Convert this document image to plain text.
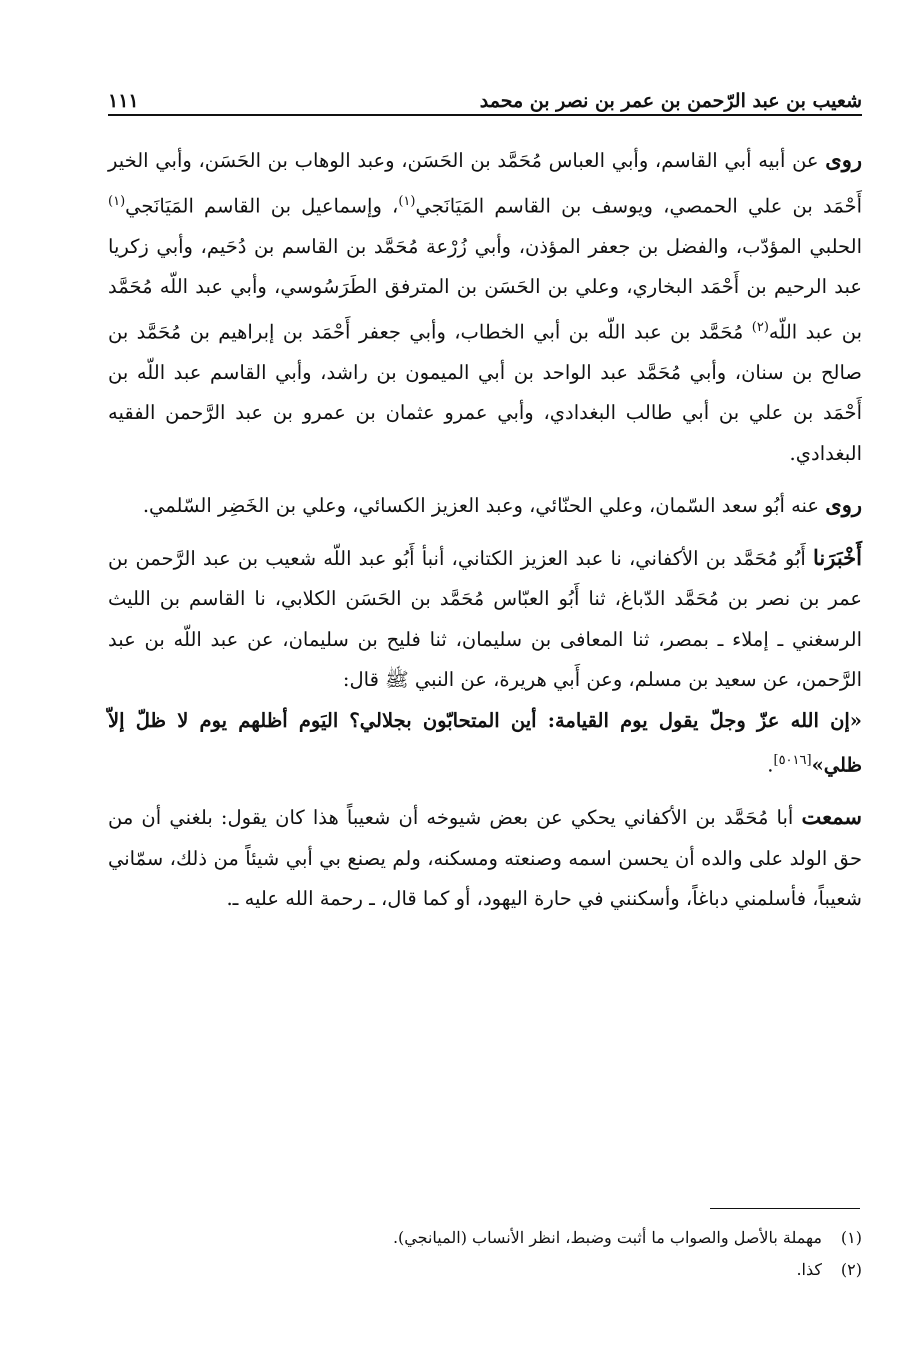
شعيب بن عبد الرّحمن بن عمر بن نصر بن محمد
١١١

روى عن أبيه أبي القاسم، وأبي العباس مُحَمَّد بن الحَسَن، وعبد الوهاب بن الحَسَن، وأبي الخير أَحْمَد بن علي الحمصي، ويوسف بن القاسم المَيَانَجي$^{(١)}$، وإسماعيل بن القاسم المَيَانَجي$^{(١)}$ الحلبي المؤدّب، والفضل بن جعفر المؤذن، وأبي زُرْعة مُحَمَّد بن القاسم بن دُحَيم، وأبي زكريا عبد الرحيم بن أَحْمَد البخاري، وعلي بن الحَسَن بن المترفق الطَرَسُوسي، وأبي عبد اللّه مُحَمَّد بن عبد اللّه$^{(٢)}$ مُحَمَّد بن عبد اللّه بن أبي الخطاب، وأبي جعفر أَحْمَد بن إبراهيم بن مُحَمَّد بن صالح بن سنان، وأبي مُحَمَّد عبد الواحد بن أبي الميمون بن راشد، وأبي القاسم عبد اللّه بن أَحْمَد بن علي بن أبي طالب البغدادي، وأبي عمرو عثمان بن عمرو بن عبد الرَّحمن الفقيه البغدادي.

روى عنه أبُو سعد السّمان، وعلي الحنّائي، وعبد العزيز الكسائي، وعلي بن الخَضِر السّلمي.

أَخْبَرَنا أَبُو مُحَمَّد بن الأكفاني، نا عبد العزيز الكتاني، أنبأ أَبُو عبد اللّه شعيب بن عبد الرَّحمن بن عمر بن نصر بن مُحَمَّد الدّباغ، ثنا أَبُو العبّاس مُحَمَّد بن الحَسَن الكلابي، نا القاسم بن الليث الرسغني ـ إملاء ـ بمصر، ثنا المعافى بن سليمان، ثنا فليح بن سليمان، عن عبد اللّه بن عبد الرَّحمن، عن سعيد بن مسلم، وعن أَبي هريرة، عن النبي ﷺ قال:

«إن الله عزّ وجلّ يقول يوم القيامة: أين المتحابّون بجلالي؟ اليَوم أظلهم يوم لا ظلّ إلاّ ظلي»[٥٠١٦].

سمعت أبا مُحَمَّد بن الأكفاني يحكي عن بعض شيوخه أن شعيباً هذا كان يقول: بلغني أن من حق الولد على والده أن يحسن اسمه وصنعته ومسكنه، ولم يصنع بي أبي شيئاً من ذلك، سمّاني شعيباً، فأسلمني دباغاً، وأسكنني في حارة اليهود، أو كما قال، ـ رحمة الله عليه ـ.

(١)مهملة بالأصل والصواب ما أثبت وضبط، انظر الأنساب (الميانجي).
(٢)كذا.
